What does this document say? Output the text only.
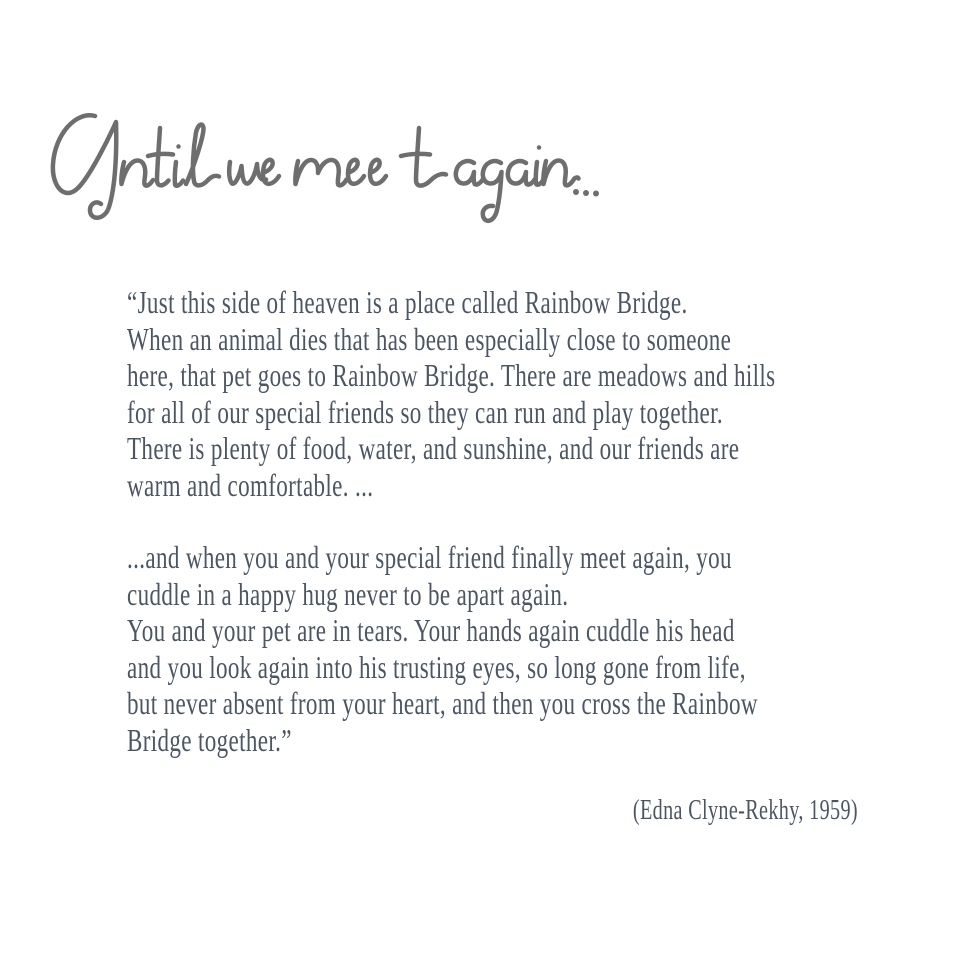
“Just this side of heaven is a place called Rainbow Bridge.
When an animal dies that has been especially close to someone
here, that pet goes to Rainbow Bridge. There are meadows and hills
for all of our special friends so they can run and play together.
There is plenty of food, water, and sunshine, and our friends are
warm and comfortable. ...
...and when you and your special friend finally meet again, you
cuddle in a happy hug never to be apart again.
You and your pet are in tears. Your hands again cuddle his head
and you look again into his trusting eyes, so long gone from life,
but never absent from your heart, and then you cross the Rainbow
Bridge together.”
(Edna Clyne-Rekhy, 1959)
